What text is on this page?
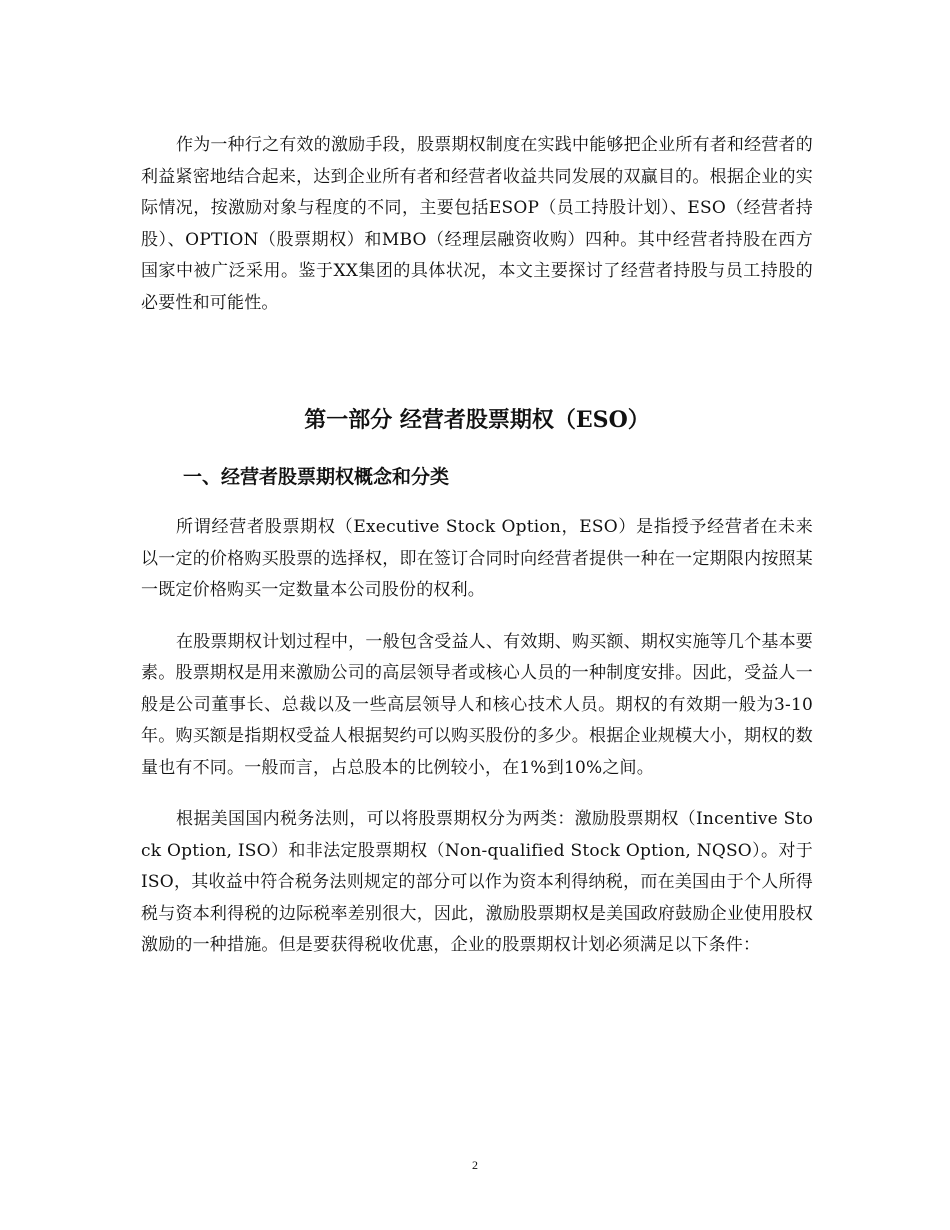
作为一种行之有效的激励手段，股票期权制度在实践中能够把企业所有者和经营者的利益紧密地结合起来，达到企业所有者和经营者收益共同发展的双赢目的。根据企业的实际情况，按激励对象与程度的不同，主要包括ESOP（员工持股计划）、ESO（经营者持股）、OPTION（股票期权）和MBO（经理层融资收购）四种。其中经营者持股在西方国家中被广泛采用。鉴于XX集团的具体状况，本文主要探讨了经营者持股与员工持股的必要性和可能性。

第一部分 经营者股票期权（ESO）
一、经营者股票期权概念和分类

所谓经营者股票期权（Executive Stock Option，ESO）是指授予经营者在未来以一定的价格购买股票的选择权，即在签订合同时向经营者提供一种在一定期限内按照某一既定价格购买一定数量本公司股份的权利。

在股票期权计划过程中，一般包含受益人、有效期、购买额、期权实施等几个基本要素。股票期权是用来激励公司的高层领导者或核心人员的一种制度安排。因此，受益人一般是公司董事长、总裁以及一些高层领导人和核心技术人员。期权的有效期一般为3-10年。购买额是指期权受益人根据契约可以购买股份的多少。根据企业规模大小，期权的数量也有不同。一般而言，占总股本的比例较小，在1%到10%之间。

根据美国国内税务法则，可以将股票期权分为两类：激励股票期权（Incentive Stock Option, ISO）和非法定股票期权（Non-qualified Stock Option, NQSO）。对于ISO，其收益中符合税务法则规定的部分可以作为资本利得纳税，而在美国由于个人所得税与资本利得税的边际税率差别很大，因此，激励股票期权是美国政府鼓励企业使用股权激励的一种措施。但是要获得税收优惠，企业的股票期权计划必须满足以下条件：

2
